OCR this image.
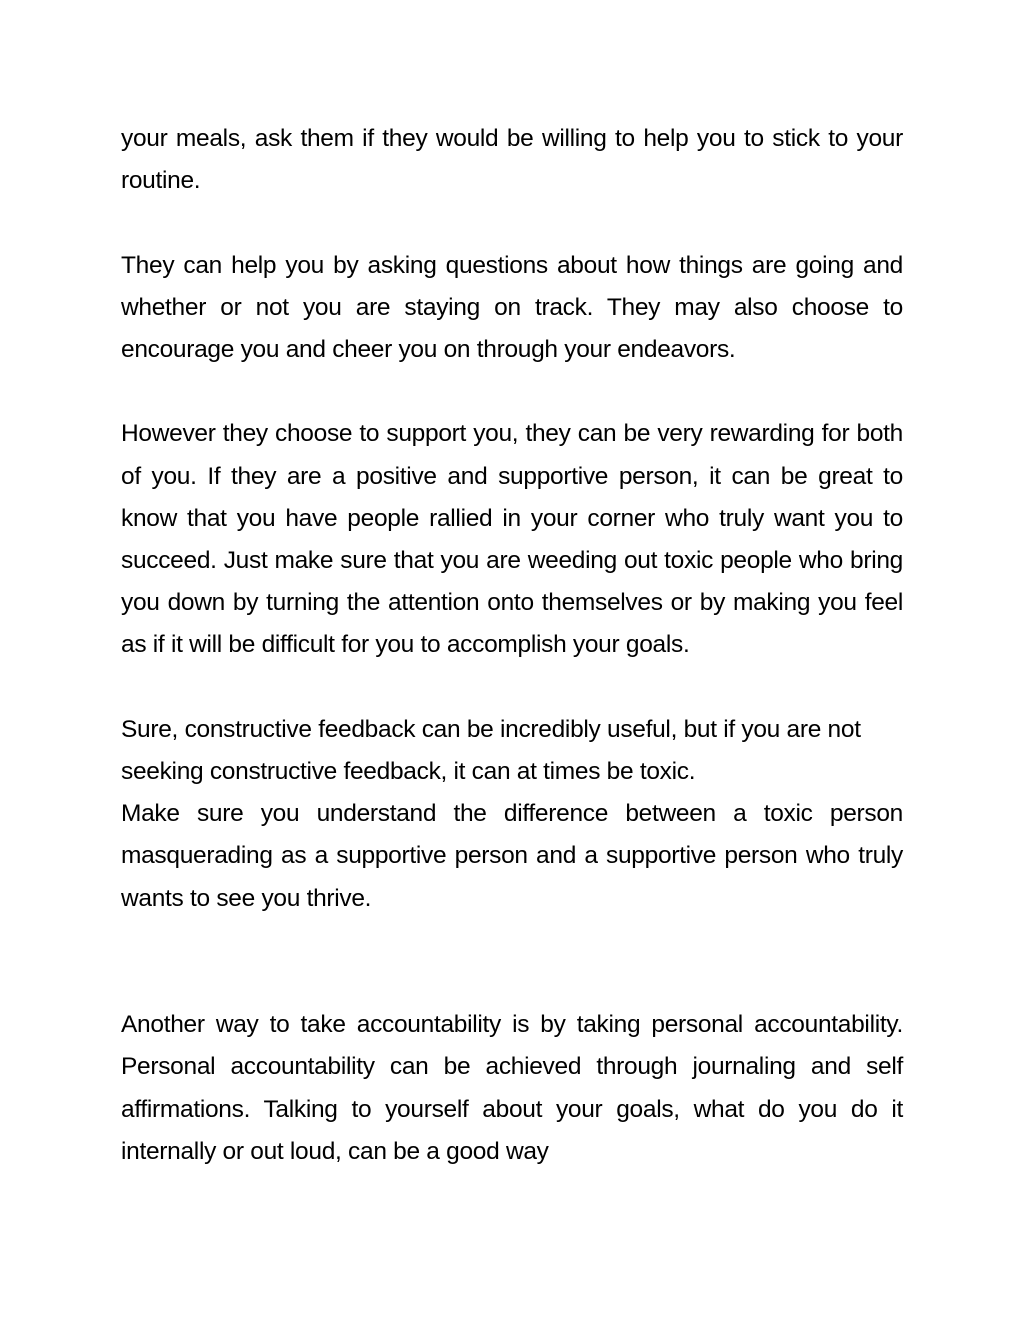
your meals, ask them if they would be willing to help you to stick to your routine.

They can help you by asking questions about how things are going and whether or not you are staying on track. They may also choose to encourage you and cheer you on through your endeavors.

However they choose to support you, they can be very rewarding for both of you. If they are a positive and supportive person, it can be great to know that you have people rallied in your corner who truly want you to succeed. Just make sure that you are weeding out toxic people who bring you down by turning the attention onto themselves or by making you feel as if it will be difficult for you to accomplish your goals.

Sure, constructive feedback can be incredibly useful, but if you are not seeking constructive feedback, it can at times be toxic.

Make sure you understand the difference between a toxic person masquerading as a supportive person and a supportive person who truly wants to see you thrive.

Another way to take accountability is by taking personal accountability. Personal accountability can be achieved through journaling and self affirmations. Talking to yourself about your goals, what do you do it internally or out loud, can be a good way
